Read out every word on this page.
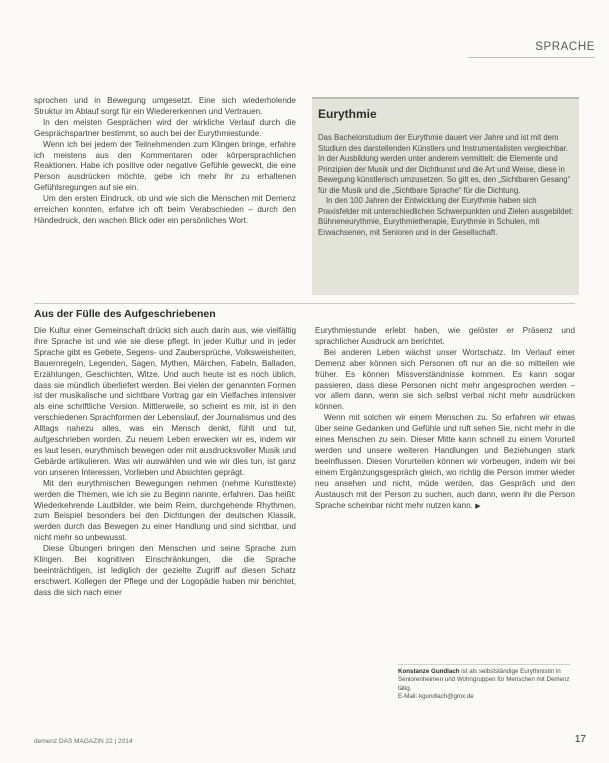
SPRACHE

sprochen und in Bewegung umgesetzt. Eine sich wiederholende Struktur im Ablauf sorgt für ein Wiedererkennen und Vertrauen.

In den meisten Gesprächen wird der wirkliche Verlauf durch die Gesprächspartner bestimmt, so auch bei der Eurythmiestunde.

Wenn ich bei jedem der Teilnehmenden zum Klingen bringe, erfahre ich meistens aus den Kommentaren oder körpersprachlichen Reaktionen. Habe ich positive oder negative Gefühle geweckt, die eine Person ausdrücken möchte, gebe ich mehr ihr zu erhaltenen Gefühlsregungen auf sie ein.

Um den ersten Eindruck, ob und wie sich die Menschen mit Demenz erreichen konnten, erfahre ich oft beim Verabschieden – durch den Händedruck, den wachen Blick oder ein persönliches Wort.

Eurythmie

Das Bachelorstudium der Eurythmie dauert vier Jahre und ist mit dem Studium des darstellenden Künstlers und Instrumentalisten vergleichbar. In der Ausbildung werden unter anderem vermittelt: die Elemente und Prinzipien der Musik und der Dichtkunst und die Art und Weise, diese in Bewegung künstlerisch umzusetzen. So gilt es, den „Sichtbaren Gesang“ für die Musik und die „Sichtbare Sprache“ für die Dichtung.

In den 100 Jahren der Entwicklung der Eurythmie haben sich Praxisfelder mit unterschiedlichen Schwerpunkten und Zielen ausgebildet: Bühneneurythmie, Eurythmietherapie, Eurythmie in Schulen, mit Erwachsenen, mit Senioren und in der Gesellschaft.

Aus der Fülle des Aufgeschriebenen

Die Kultur einer Gemeinschaft drückt sich auch darin aus, wie vielfältig ihre Sprache ist und wie sie diese pflegt. In jeder Kultur und in jeder Sprache gibt es Gebete, Segens- und Zaubersprüche, Volksweisheiten, Bauernregeln, Legenden, Sagen, Mythen, Märchen, Fabeln, Balladen, Erzählungen, Geschichten, Witze. Und auch heute ist es noch üblich, dass sie mündlich überliefert werden. Bei vielen der genannten Formen ist der musikalische und sichtbare Vortrag gar ein Vielfaches intensiver als eine schriftliche Version. Mittlerweile, so scheint es mir, ist in den verschiedenen Sprachformen der Lebenslauf, der Journalismus und des Alltags nahezu alles, was ein Mensch denkt, fühlt und tut, aufgeschrieben worden. Zu neuem Leben erwecken wir es, indem wir es laut lesen, eurythmisch bewegen oder mit ausdrucksvoller Musik und Gebärde artikulieren. Was wir auswählen und wie wir dies tun, ist ganz von unseren Interessen, Vorlieben und Absichten geprägt.

Mit den eurythmischen Bewegungen nehmen (nehme Kunsttexte) werden die Themen, wie ich sie zu Beginn nannte, erfahren. Das heißt: Wiederkehrende Lautbilder, wie beim Reim, durchgehende Rhythmen, zum Beispiel besonders bei den Dichtungen der deutschen Klassik, werden durch das Bewegen zu einer Handlung und sind sichtbar, und nicht mehr so unbewusst.

Diese Übungen bringen den Menschen und seine Sprache zum Klingen. Bei kognitiven Einschränkungen, die die Sprache beeinträchtigen, ist lediglich der gezielte Zugriff auf diesen Schatz erschwert. Kollegen der Pflege und der Logopädie haben mir berichtet, dass die sich nach einer

Eurythmiestunde erlebt haben, wie gelöster er Präsenz und sprachlicher Ausdruck am berichtet.

Bei anderen Leben wächst unser Wortschatz. Im Verlauf einer Demenz aber können sich Personen oft nur an die so mitteilen wie früher. Es können Missverständnisse kommen. Es kann sogar passieren, dass diese Personen nicht mehr angesprochen werden – vor allem dann, wenn sie sich selbst verbal nicht mehr ausdrücken können.

Wenn mit solchen wir einem Menschen zu. So erfahren wir etwas über seine Gedanken und Gefühle und ruft sehen Sie, nicht mehr in die eines Menschen zu sein. Dieser Mitte kann schnell zu einem Vorurteil werden und unsere weiteren Handlungen und Beziehungen stark beeinflussen. Diesen Vorurteilen können wir vorbeugen, indem wir bei einem Ergänzungsgespräch gleich, wo richtig die Person immer wieder neu ansehen und nicht, müde werden, das Gespräch und den Austausch mit der Person zu suchen, auch dann, wenn ihr die Person Sprache scheinbar nicht mehr nutzen kann. ▶

Konstanze Gundlach ist als selbstständige Eurythmistin in Seniorenheimen und Wohngruppen für Menschen mit Demenz tätig.
E-Mail: kgundlach@gmx.de
demenz DAS MAGAZIN 22 | 2014	17
